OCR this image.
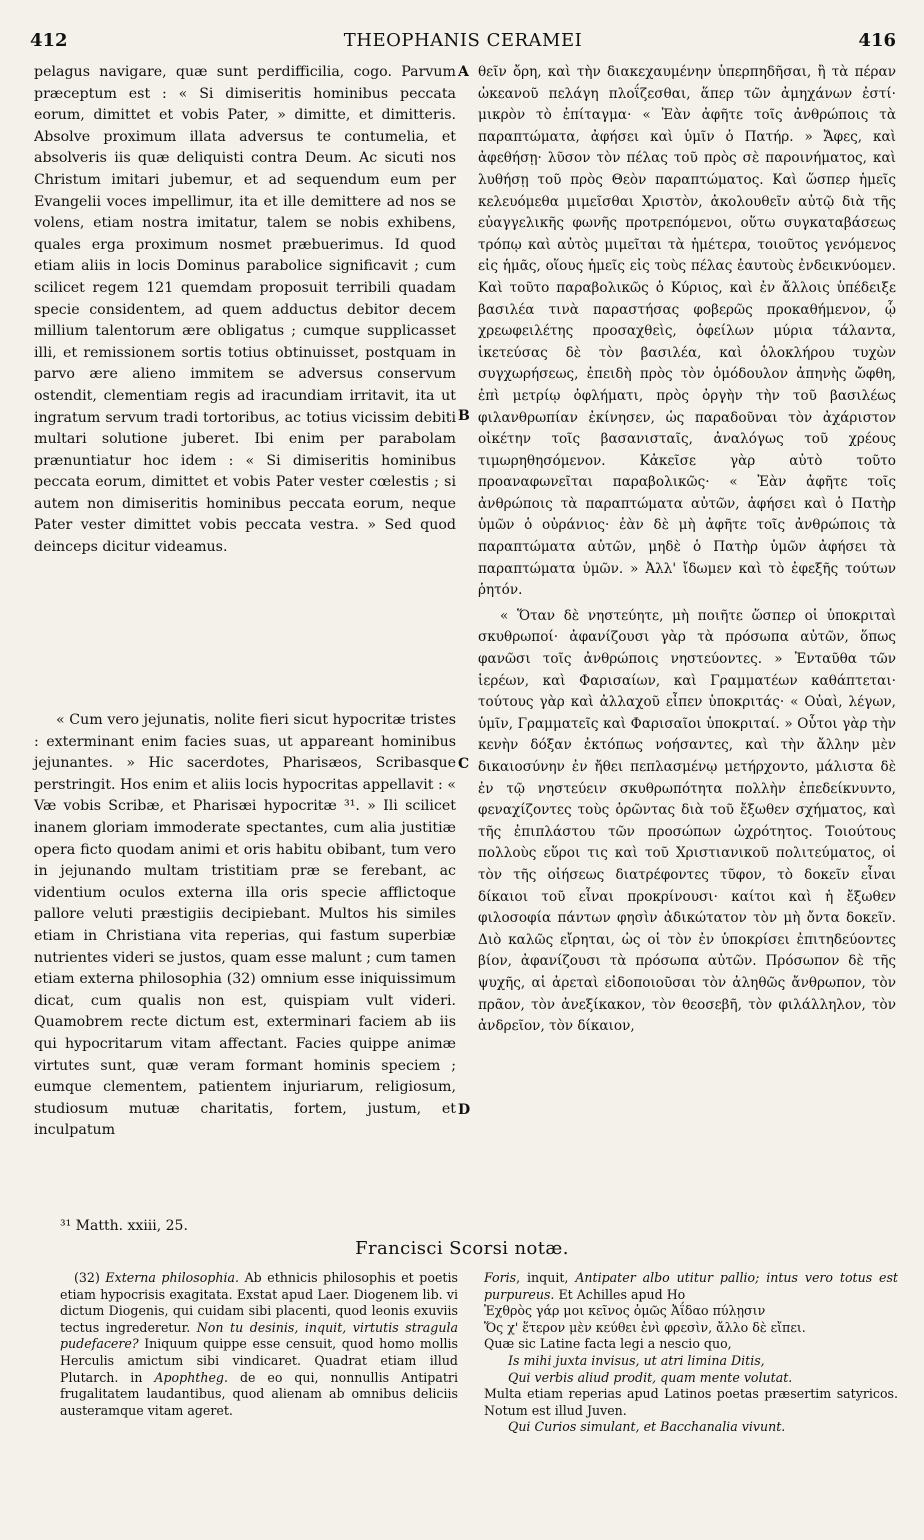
412	THEOPHANIS CERAMEI	416

pelagus navigare, quæ sunt perdifficilia, cogo. Parvum præceptum est : « Si dimiseritis hominibus peccata eorum, dimittet et vobis Pater, » dimitte, et dimitteris. Absolve proximum illata adversus te contumelia, et absolveris iis quæ deliquisti contra Deum. Ac sicuti nos Christum imitari jubemur, et ad sequendum eum per Evangelii voces impellimur, ita et ille demittere ad nos se volens, etiam nostra imitatur, talem se nobis exhibens, quales erga proximum nosmet præbuerimus. Id quod etiam aliis in locis Dominus parabolice significavit ; cum scilicet regem 121 quemdam proposuit terribili quadam specie considentem, ad quem adductus debitor decem millium talentorum ære obligatus ; cumque supplicasset illi, et remissionem sortis totius obtinuisset, postquam in parvo ære alieno immitem se adversus conservum ostendit, clementiam regis ad iracundiam irritavit, ita ut ingratum servum tradi tortoribus, ac totius vicissim debiti multari solutione juberet. Ibi enim per parabolam prænuntiatur hoc idem : « Si dimiseritis hominibus peccata eorum, dimittet et vobis Pater vester cœlestis ; si autem non dimiseritis hominibus peccata eorum, neque Pater vester dimittet vobis peccata vestra. » Sed quod deinceps dicitur videamus.

« Cum vero jejunatis, nolite fieri sicut hypocritæ tristes : exterminant enim facies suas, ut appareant hominibus jejunantes. » Hic sacerdotes, Pharisæos, Scribasque perstringit. Hos enim et aliis locis hypocritas appellavit : « Væ vobis Scribæ, et Pharisæi hypocritæ ³¹. » Ili scilicet inanem gloriam immoderate spectantes, cum alia justitiæ opera ficto quodam animi et oris habitu obibant, tum vero in jejunando multam tristitiam præ se ferebant, ac videntium oculos externa illa oris specie afflictoque pallore veluti præstigiis decipiebant. Multos his similes etiam in Christiana vita reperias, qui fastum superbiæ nutrientes videri se justos, quam esse malunt ; cum tamen etiam externa philosophia (32) omnium esse iniquissimum dicat, cum qualis non est, quispiam vult videri. Quamobrem recte dictum est, exterminari faciem ab iis qui hypocritarum vitam affectant. Facies quippe animæ virtutes sunt, quæ veram formant hominis speciem ; eumque clementem, patientem injuriarum, religiosum, studiosum mutuæ charitatis, fortem, justum, et inculpatum

A
B
C
D

θεῖν ὄρη, καὶ τὴν διακεχαυμένην ὑπερπηδῆσαι, ἢ τὰ πέραν ὠκεανοῦ πελάγη πλοΐζεσθαι, ἅπερ τῶν ἀμηχάνων ἐστί· μικρὸν τὸ ἐπίταγμα· « Ἐὰν ἀφῆτε τοῖς ἀνθρώποις τὰ παραπτώματα, ἀφήσει καὶ ὑμῖν ὁ Πατήρ. » Ἄφες, καὶ ἀφεθήσῃ· λῦσον τὸν πέλας τοῦ πρὸς σὲ παροινήματος, καὶ λυθήσῃ τοῦ πρὸς Θεὸν παραπτώματος. Καὶ ὥσπερ ἡμεῖς κελευόμεθα μιμεῖσθαι Χριστὸν, ἀκολουθεῖν αὐτῷ διὰ τῆς εὐαγγελικῆς φωνῆς προτρεπόμενοι, οὕτω συγκαταβάσεως τρόπῳ καὶ αὐτὸς μιμεῖται τὰ ἡμέτερα, τοιοῦτος γενόμενος εἰς ἡμᾶς, οἵους ἡμεῖς εἰς τοὺς πέλας ἑαυτοὺς ἐνδεικνύομεν. Καὶ τοῦτο παραβολικῶς ὁ Κύριος, καὶ ἐν ἄλλοις ὑπέδειξε βασιλέα τινὰ παραστήσας φοβερῶς προκαθήμενον, ᾧ χρεωφειλέτης προσαχθεὶς, ὀφείλων μύρια τάλαντα, ἱκετεύσας δὲ τὸν βασιλέα, καὶ ὁλοκλήρου τυχὼν συγχωρήσεως, ἐπειδὴ πρὸς τὸν ὁμόδουλον ἀπηνὴς ὤφθη, ἐπὶ μετρίῳ ὀφλήματι, πρὸς ὀργὴν τὴν τοῦ βασιλέως φιλανθρωπίαν ἐκίνησεν, ὡς παραδοῦναι τὸν ἀχάριστον οἰκέτην τοῖς βασανισταῖς, ἀναλόγως τοῦ χρέους τιμωρηθησόμενον. Κἀκεῖσε γὰρ αὐτὸ τοῦτο προαναφωνεῖται παραβολικῶς· « Ἐὰν ἀφῆτε τοῖς ἀνθρώποις τὰ παραπτώματα αὐτῶν, ἀφήσει καὶ ὁ Πατὴρ ὑμῶν ὁ οὐράνιος· ἐὰν δὲ μὴ ἀφῆτε τοῖς ἀνθρώποις τὰ παραπτώματα αὐτῶν, μηδὲ ὁ Πατὴρ ὑμῶν ἀφήσει τὰ παραπτώματα ὑμῶν. » Ἀλλ' ἴδωμεν καὶ τὸ ἐφεξῆς τούτων ῥητόν.

« Ὅταν δὲ νηστεύητε, μὴ ποιῆτε ὥσπερ οἱ ὑποκριταὶ σκυθρωποί· ἀφανίζουσι γὰρ τὰ πρόσωπα αὐτῶν, ὅπως φανῶσι τοῖς ἀνθρώποις νηστεύοντες. » Ἐνταῦθα τῶν ἱερέων, καὶ Φαρισαίων, καὶ Γραμματέων καθάπτεται· τούτους γὰρ καὶ ἀλλαχοῦ εἶπεν ὑποκριτάς· « Οὐαὶ, λέγων, ὑμῖν, Γραμματεῖς καὶ Φαρισαῖοι ὑποκριταί. » Οὗτοι γὰρ τὴν κενὴν δόξαν ἐκτόπως νοήσαντες, καὶ τὴν ἄλλην μὲν δικαιοσύνην ἐν ἤθει πεπλασμένῳ μετήρχοντο, μάλιστα δὲ ἐν τῷ νηστεύειν σκυθρωπότητα πολλὴν ἐπεδείκνυντο, φεναχίζοντες τοὺς ὁρῶντας διὰ τοῦ ἔξωθεν σχήματος, καὶ τῆς ἐπιπλάστου τῶν προσώπων ὠχρότητος. Τοιούτους πολλοὺς εὕροι τις καὶ τοῦ Χριστιανικοῦ πολιτεύματος, οἱ τὸν τῆς οἰήσεως διατρέφοντες τῦφον, τὸ δοκεῖν εἶναι δίκαιοι τοῦ εἶναι προκρίνουσι· καίτοι καὶ ἡ ἔξωθεν φιλοσοφία πάντων φησὶν ἀδικώτατον τὸν μὴ ὄντα δοκεῖν. Διὸ καλῶς εἴρηται, ὡς οἱ τὸν ἐν ὑποκρίσει ἐπιτηδεύοντες βίον, ἀφανίζουσι τὰ πρόσωπα αὐτῶν. Πρόσωπον δὲ τῆς ψυχῆς, αἱ ἀρεταὶ εἰδοποιοῦσαι τὸν ἀληθῶς ἄνθρωπον, τὸν πρᾶον, τὸν ἀνεξίκακον, τὸν θεοσεβῆ, τὸν φιλάλληλον, τὸν ἀνδρεῖον, τὸν δίκαιον,

³¹ Matth. xxiii, 25.
Francisci Scorsi notæ.

(32) Externa philosophia. Ab ethnicis philosophis et poetis etiam hypocrisis exagitata. Exstat apud Laer. Diogenem lib. vi dictum Diogenis, qui cuidam sibi placenti, quod leonis exuviis tectus ingrederetur. Non tu desinis, inquit, virtutis stragula pudefacere? Iniquum quippe esse censuit, quod homo mollis Herculis amictum sibi vindicaret. Quadrat etiam illud Plutarch. in Apophtheg. de eo qui, nonnullis Antipatri frugalitatem laudantibus, quod alienam ab omnibus deliciis austeramque vitam ageret.

Foris, inquit, Antipater albo utitur pallio; intus vero totus est purpureus. Et Achilles apud Ho

Ἐχθρὸς γάρ μοι κεῖνος ὁμῶς Ἀΐδαο πύλῃσιν

Ὅς χ' ἕτερον μὲν κεύθει ἐνὶ φρεσὶν, ἄλλο δὲ εἴπει.

Quæ sic Latine facta legi a nescio quo,

Is mihi juxta invisus, ut atri limina Ditis,

Qui verbis aliud prodit, quam mente volutat.

Multa etiam reperias apud Latinos poetas præsertim satyricos. Notum est illud Juven.

Qui Curios simulant, et Bacchanalia vivunt.
